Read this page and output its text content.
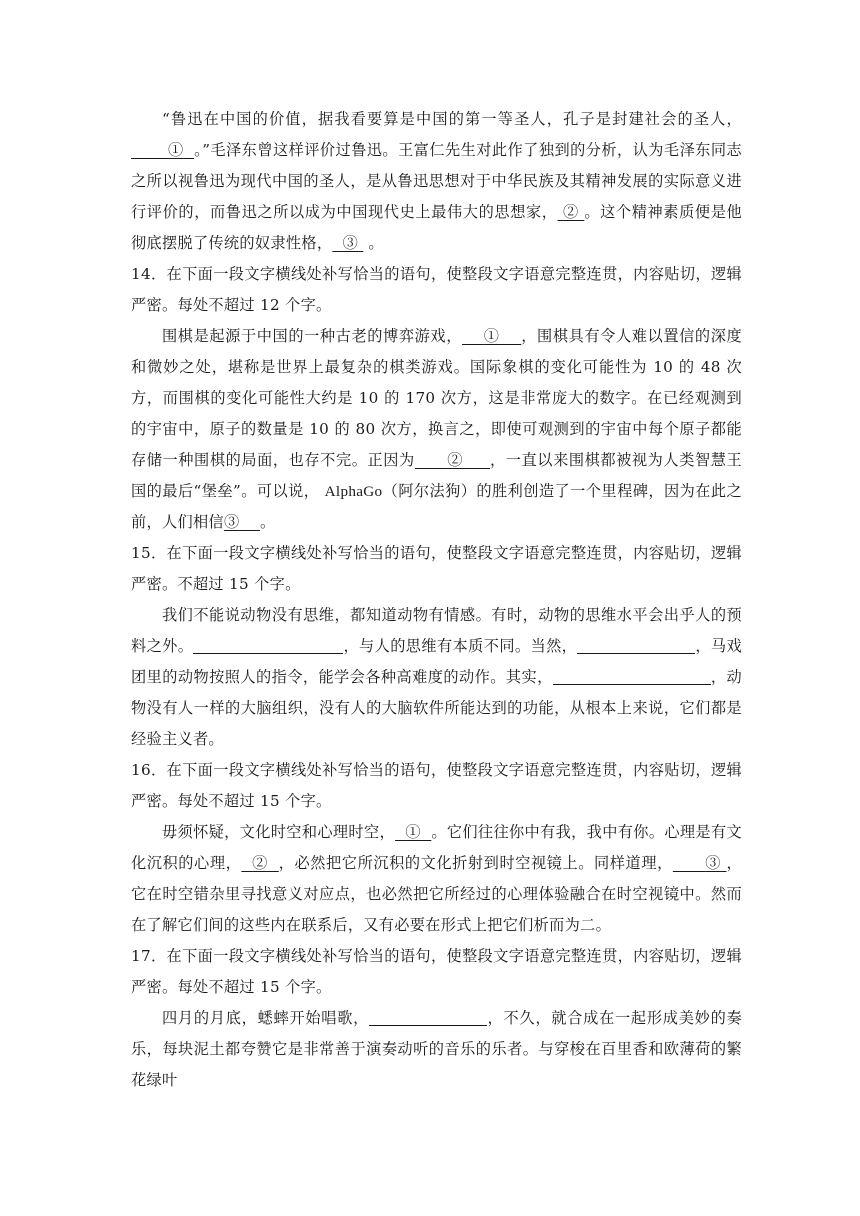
“鲁迅在中国的价值，据我看要算是中国的第一等圣人，孔子是封建社会的圣人，       ① 。”毛泽东曾这样评价过鲁迅。王富仁先生对此作了独到的分析，认为毛泽东同志之所以视鲁迅为现代中国的圣人，是从鲁迅思想对于中华民族及其精神发展的实际意义进行评价的，而鲁迅之所以成为中国现代史上最伟大的思想家， ② 。这个精神素质便是他彻底摆脱了传统的奴隶性格， ③ 。

14．在下面一段文字横线处补写恰当的语句，使整段文字语意完整连贯，内容贴切，逻辑严密。每处不超过 12 个字。

围棋是起源于中国的一种古老的博弈游戏， ① ，围棋具有令人难以置信的深度和微妙之处，堪称是世界上最复杂的棋类游戏。国际象棋的变化可能性为 10 的 48 次方，而围棋的变化可能性大约是 10 的 170 次方，这是非常庞大的数字。在已经观测到的宇宙中，原子的数量是 10 的 80 次方，换言之，即使可观测到的宇宙中每个原子都能存储一种围棋的局面，也存不完。正因为 ② ，一直以来围棋都被视为人类智慧王国的最后“堡垒”。可以说， AlphaGo（阿尔法狗）的胜利创造了一个里程碑，因为在此之前，人们相信③ 。

15．在下面一段文字横线处补写恰当的语句，使整段文字语意完整连贯，内容贴切，逻辑严密。不超过 15 个字。

我们不能说动物没有思维，都知道动物有情感。有时，动物的思维水平会出乎人的预料之外。	，与人的思维有本质不同。当然，	，马戏团里的动物按照人的指令，能学会各种高难度的动作。其实，	，动物没有人一样的大脑组织，没有人的大脑软件所能达到的功能，从根本上来说，它们都是经验主义者。

16．在下面一段文字横线处补写恰当的语句，使整段文字语意完整连贯，内容贴切，逻辑严密。每处不超过 15 个字。

毋须怀疑，文化时空和心理时空， ① 。它们往往你中有我，我中有你。心理是有文化沉积的心理， ② ，必然把它所沉积的文化折射到时空视镜上。同样道理， ③ ，它在时空错杂里寻找意义对应点，也必然把它所经过的心理体验融合在时空视镜中。然而在了解它们间的这些内在联系后，又有必要在形式上把它们析而为二。

17．在下面一段文字横线处补写恰当的语句，使整段文字语意完整连贯，内容贴切，逻辑严密。每处不超过 15 个字。

四月的月底，蟋蟀开始唱歌，	，不久，就合成在一起形成美妙的奏乐，每块泥土都夸赞它是非常善于演奏动听的音乐的乐者。与穿梭在百里香和欧薄荷的繁花绿叶
